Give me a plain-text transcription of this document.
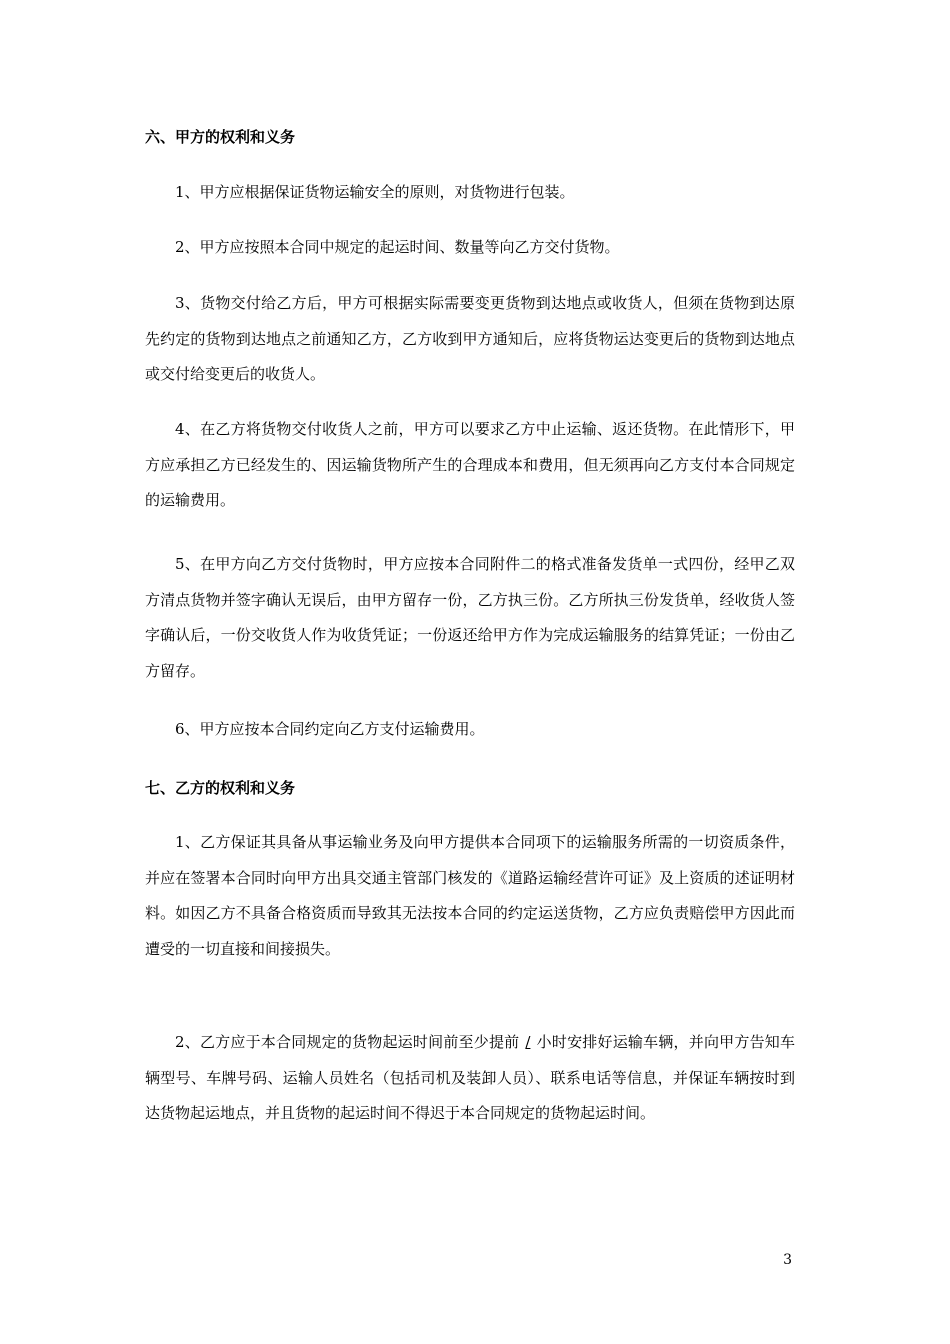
六、甲方的权利和义务

1、甲方应根据保证货物运输安全的原则，对货物进行包装。

2、甲方应按照本合同中规定的起运时间、数量等向乙方交付货物。

3、货物交付给乙方后，甲方可根据实际需要变更货物到达地点或收货人，但须在货物到达原先约定的货物到达地点之前通知乙方，乙方收到甲方通知后，应将货物运达变更后的货物到达地点或交付给变更后的收货人。

4、在乙方将货物交付收货人之前，甲方可以要求乙方中止运输、返还货物。在此情形下，甲方应承担乙方已经发生的、因运输货物所产生的合理成本和费用，但无须再向乙方支付本合同规定的运输费用。

5、在甲方向乙方交付货物时，甲方应按本合同附件二的格式准备发货单一式四份，经甲乙双方清点货物并签字确认无误后，由甲方留存一份，乙方执三份。乙方所执三份发货单，经收货人签字确认后，一份交收货人作为收货凭证；一份返还给甲方作为完成运输服务的结算凭证；一份由乙方留存。

6、甲方应按本合同约定向乙方支付运输费用。

七、乙方的权利和义务

1、乙方保证其具备从事运输业务及向甲方提供本合同项下的运输服务所需的一切资质条件，并应在签署本合同时向甲方出具交通主管部门核发的《道路运输经营许可证》及上资质的述证明材料。如因乙方不具备合格资质而导致其无法按本合同的约定运送货物，乙方应负责赔偿甲方因此而遭受的一切直接和间接损失。

2、乙方应于本合同规定的货物起运时间前至少提前 / 小时安排好运输车辆，并向甲方告知车辆型号、车牌号码、运输人员姓名（包括司机及装卸人员）、联系电话等信息，并保证车辆按时到达货物起运地点，并且货物的起运时间不得迟于本合同规定的货物起运时间。

3
